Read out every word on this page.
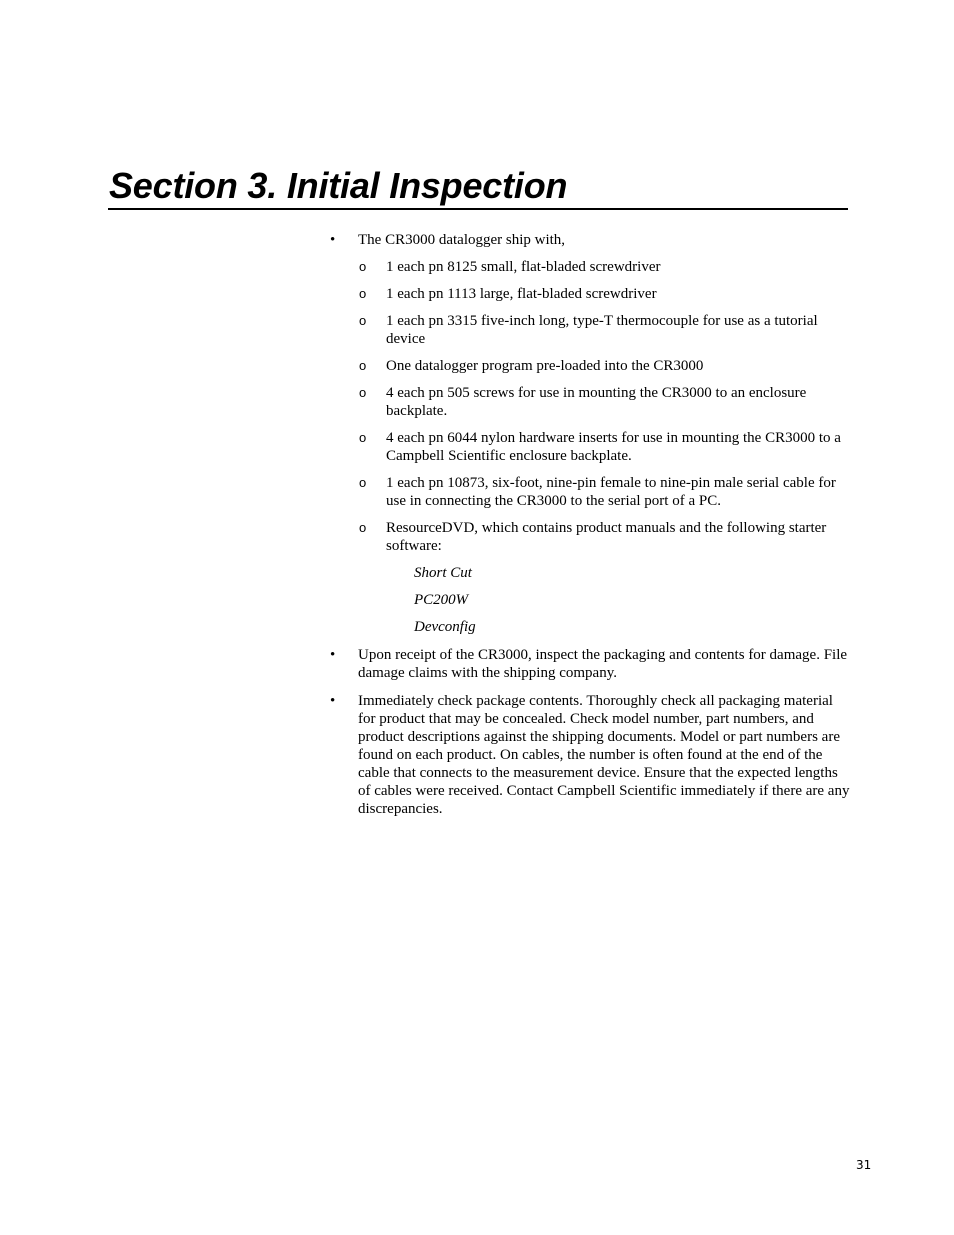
Section 3. Initial Inspection
•	The CR3000 datalogger ship with,
o	1 each pn 8125 small, flat-bladed screwdriver
o	1 each pn 1113 large, flat-bladed screwdriver
o	1 each pn 3315 five-inch long, type-T thermocouple for use as a tutorial device
o	One datalogger program pre-loaded into the CR3000
o	4 each pn 505 screws for use in mounting the CR3000 to an enclosure backplate.
o	4 each pn 6044 nylon hardware inserts for use in mounting the CR3000 to a Campbell Scientific enclosure backplate.
o	1 each pn 10873, six-foot, nine-pin female to nine-pin male serial cable for use in connecting the CR3000 to the serial port of a PC.
o	ResourceDVD, which contains product manuals and the following starter software:
Short Cut
PC200W
Devconfig
•	Upon receipt of the CR3000, inspect the packaging and contents for damage. File damage claims with the shipping company.
•	Immediately check package contents. Thoroughly check all packaging material for product that may be concealed. Check model number, part numbers, and product descriptions against the shipping documents. Model or part numbers are found on each product. On cables, the number is often found at the end of the cable that connects to the measurement device. Ensure that the expected lengths of cables were received. Contact Campbell Scientific immediately if there are any discrepancies.
31
